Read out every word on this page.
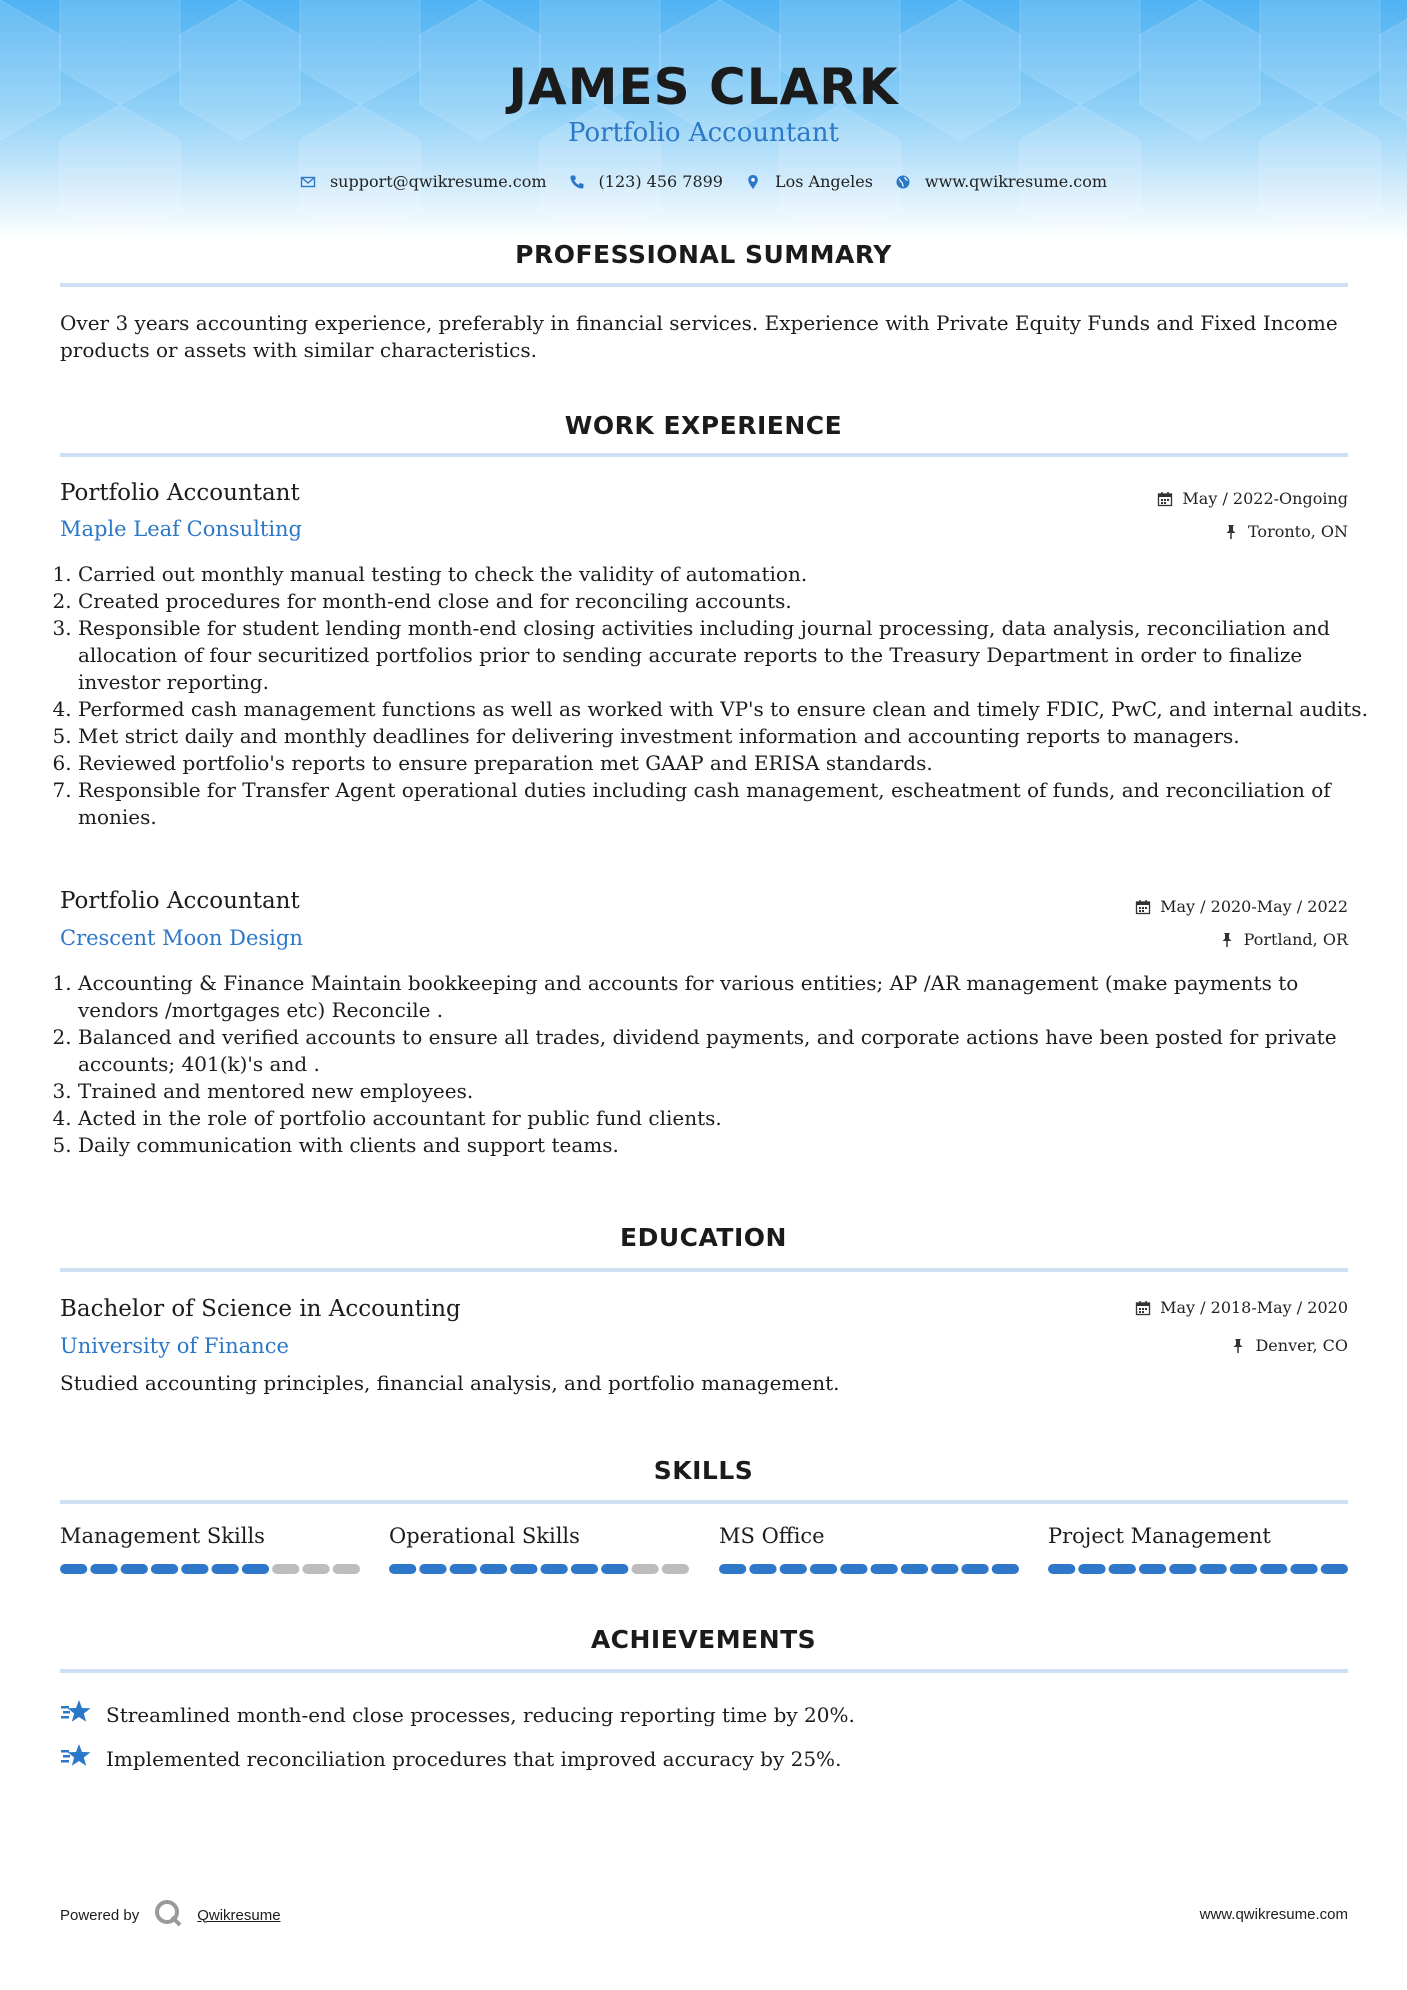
JAMES CLARK
Portfolio Accountant
support@qwikresume.com	(123) 456 7899	Los Angeles	www.qwikresume.com
PROFESSIONAL SUMMARY
Over 3 years accounting experience, preferably in financial services. Experience with Private Equity Funds and Fixed Income products or assets with similar characteristics.
WORK EXPERIENCE
Portfolio Accountant	May / 2022-Ongoing
Maple Leaf Consulting	Toronto, ON
1. Carried out monthly manual testing to check the validity of automation.
2. Created procedures for month-end close and for reconciling accounts.
3. Responsible for student lending month-end closing activities including journal processing, data analysis, reconciliation and allocation of four securitized portfolios prior to sending accurate reports to the Treasury Department in order to finalize investor reporting.
4. Performed cash management functions as well as worked with VP's to ensure clean and timely FDIC, PwC, and internal audits.
5. Met strict daily and monthly deadlines for delivering investment information and accounting reports to managers.
6. Reviewed portfolio's reports to ensure preparation met GAAP and ERISA standards.
7. Responsible for Transfer Agent operational duties including cash management, escheatment of funds, and reconciliation of monies.
Portfolio Accountant	May / 2020-May / 2022
Crescent Moon Design	Portland, OR
1. Accounting & Finance Maintain bookkeeping and accounts for various entities; AP /AR management (make payments to vendors /mortgages etc) Reconcile .
2. Balanced and verified accounts to ensure all trades, dividend payments, and corporate actions have been posted for private accounts; 401(k)'s and .
3. Trained and mentored new employees.
4. Acted in the role of portfolio accountant for public fund clients.
5. Daily communication with clients and support teams.
EDUCATION
Bachelor of Science in Accounting	May / 2018-May / 2020
University of Finance	Denver, CO
Studied accounting principles, financial analysis, and portfolio management.
SKILLS
Management Skills	Operational Skills	MS Office	Project Management
ACHIEVEMENTS
Streamlined month-end close processes, reducing reporting time by 20%.
Implemented reconciliation procedures that improved accuracy by 25%.
Powered by	Qwikresume	www.qwikresume.com
